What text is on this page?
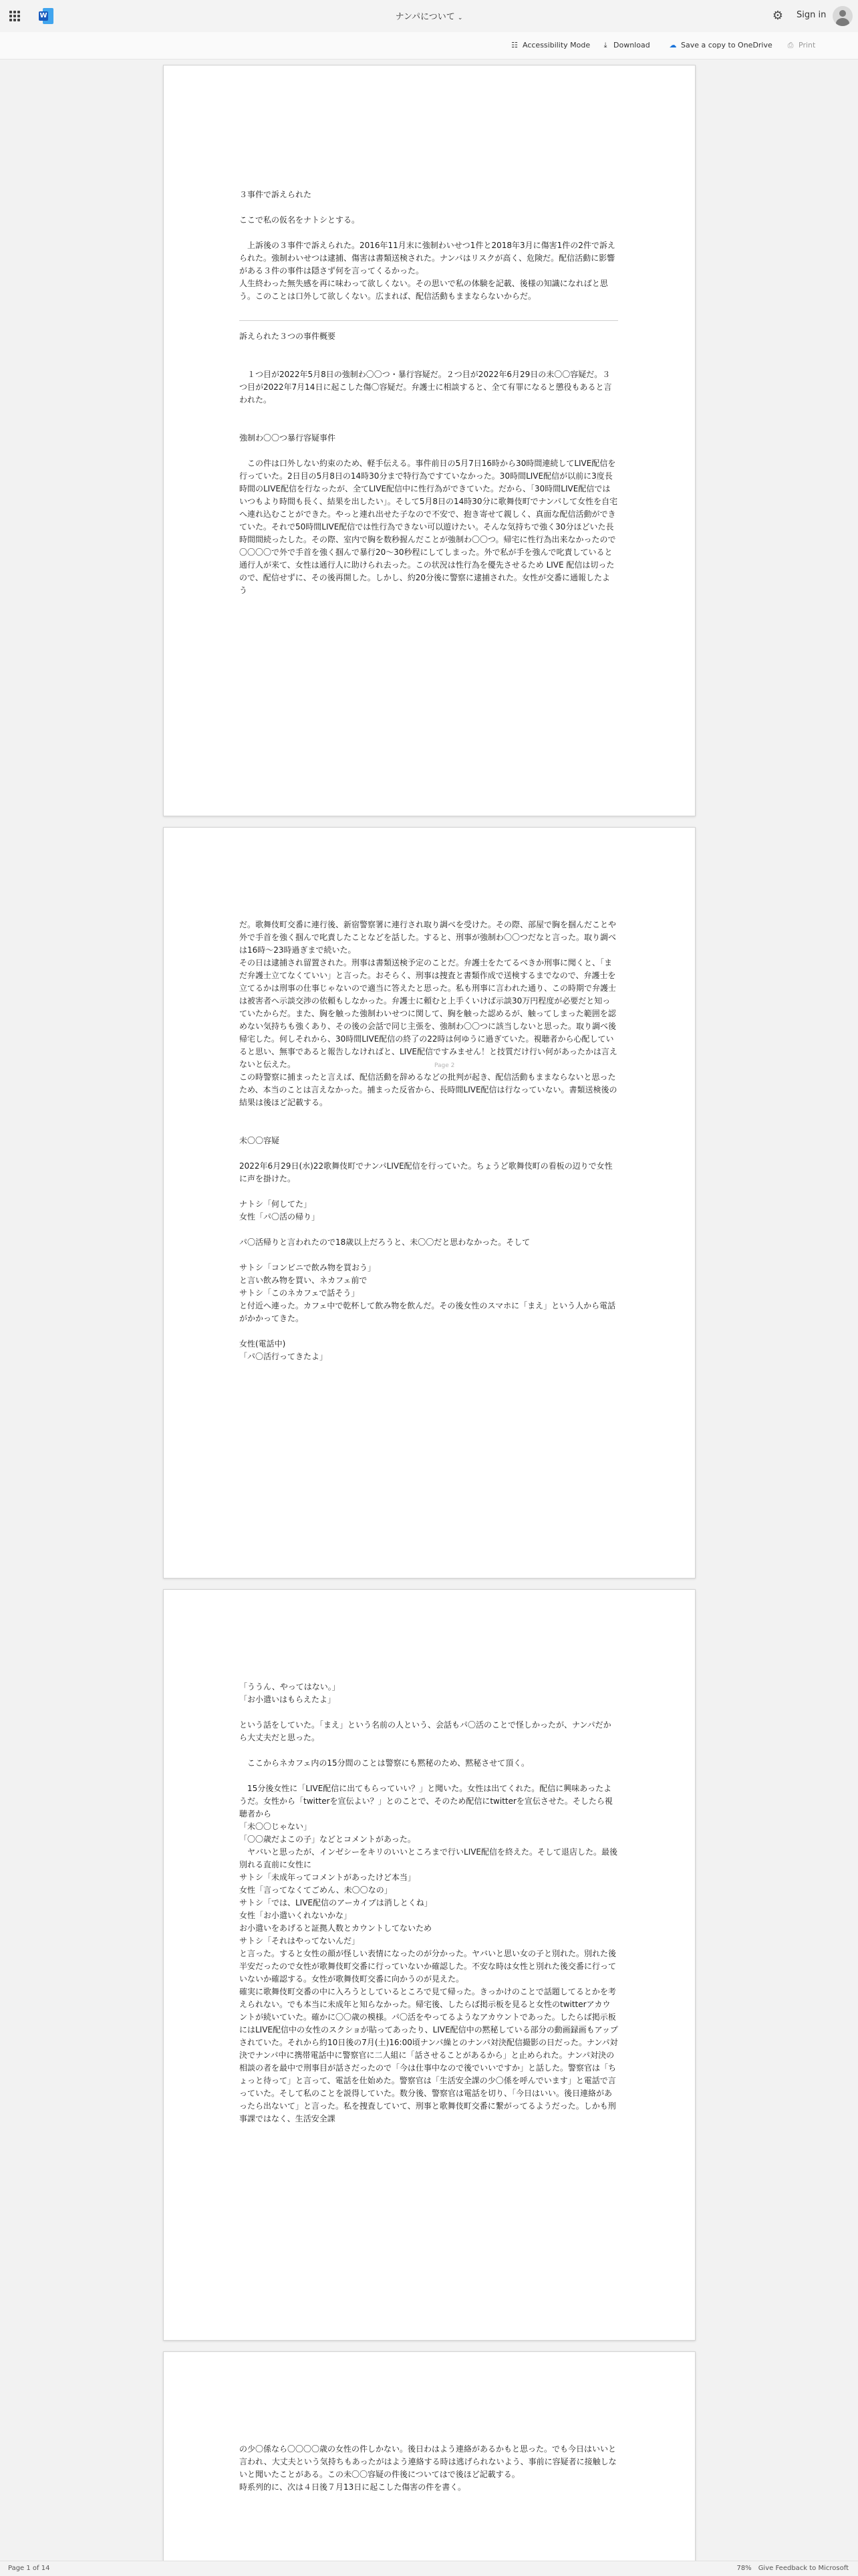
W	ナンパについて ⌄	⚙	Sign in
☷ Accessibility Mode	⤓ Download	☁ Save a copy to OneDrive ⎙ Print

３事件で訴えられた

ここで私の仮名をナトシとする。

　上訴後の３事件で訴えられた。2016年11月末に強制わいせつ1件と2018年3月に傷害1件の2件で訴えられた。強制わいせつは逮捕、傷害は書類送検された。ナンパはリスクが高く、危険だ。配信活動に影響がある３件の事件は隠さず何を言ってくるかった。

人生終わった無失感を再に味わって欲しくない。その思いで私の体験を記載、後様の知識になればと思う。このことは口外して欲しくない。広まれば、配信活動もままならないからだ。

訴えられた３つの事件概要

　１つ目が2022年5月8日の強制わ〇〇つ・暴行容疑だ。２つ目が2022年6月29日の未〇〇容疑だ。３つ目が2022年7月14日に起こした傷〇容疑だ。弁護士に相談すると、全て有罪になると懲役もあると言われた。

強制わ〇〇つ暴行容疑事件

　この件は口外しない約束のため、軽手伝える。事件前日の5月7日16時から30時間連続してLIVE配信を行っていた。2日目の5月8日の14時30分まで特行為ですていなかった。30時間LIVE配信が以前に3度長時間のLIVE配信を行なったが、全てLIVE配信中に性行為ができていた。だから、「30時間LIVE配信ではいつもより時間も長く、結果を出したい」。そして5月8日の14時30分に歌舞伎町でナンパして女性を自宅へ連れ込むことができた。やっと連れ出せた子なので不安で、抱き寄せて親しく、真面な配信活動ができていた。それで50時間LIVE配信では性行為できない可以遊けたい。そんな気持ちで強く30分ほどいた長時間間続ったした。その際、室内で胸を数秒握んだことが強制わ〇〇つ。帰宅に性行為出来なかったので〇〇〇〇で外で手首を強く掴んで暴行20〜30秒程にしてしまった。外で私が手を強んで叱責していると通行人が来て、女性は通行人に助けられ去った。この状況は性行為を優先させるため LIVE 配信は切ったので、配信せずに、その後再開した。しかし、約20分後に警察に逮捕された。女性が交番に通報したよう

だ。歌舞伎町交番に連行後、新宿警察署に連行され取り調べを受けた。その際、部屋で胸を掴んだことや外で手首を強く掴んで叱責したことなどを話した。すると、刑事が強制わ〇〇つだなと言った。取り調べは16時〜23時過ぎまで続いた。

その日は逮捕され留置された。刑事は書類送検予定のことだ。弁護士をたてるべきか刑事に聞くと、「まだ弁護士立てなくていい」と言った。おそらく、刑事は捜査と書類作成で送検するまでなので、弁護士を立てるかは刑事の仕事じゃないので適当に答えたと思った。私も刑事に言われた通り、この時期で弁護士は被害者へ示談交渉の依頼もしなかった。弁護士に頼むと上手くいけば示談30万円程度が必要だと知っていたからだ。また、胸を触った強制わいせつに関して、胸を触った認めるが、触ってしまった範囲を認めない気持ちも強くあり、その後の会話で同じ主張を、強制わ〇〇つに該当しないと思った。取り調べ後帰宅した。何しそれから、30時間LIVE配信の終了の22時は何ゆうに過ぎていた。視聴者から心配していると思い、無事であると報告しなければと、LIVE配信ですみません！と技質だけ行い何があったかは言えないと伝えた。

この時警察に捕まったと言えば、配信活動を辞めるなどの批判が起き、配信活動もままならないと思ったため、本当のことは言えなかった。捕まった反省から、長時間LIVE配信は行なっていない。書類送検後の結果は後ほど記載する。

未〇〇容疑

2022年6月29日(水)22歌舞伎町でナンパLIVE配信を行っていた。ちょうど歌舞伎町の看板の辺りで女性に声を掛けた。

ナトシ「何してた」

女性「パ〇活の帰り」

パ〇活帰りと言われたので18歳以上だろうと、未〇〇だと思わなかった。そして

サトシ「コンビニで飲み物を買おう」

と言い飲み物を買い、ネカフェ前で

サトシ「このネカフェで話そう」

と付近へ連った。カフェ中で乾杯して飲み物を飲んだ。その後女性のスマホに「まえ」という人から電話がかかってきた。

女性(電話中)

「パ〇活行ってきたよ」

Page 2

「ううん、やってはない。」

「お小遣いはもらえたよ」

という話をしていた。「まえ」という名前の人という、会話もパ〇活のことで怪しかったが、ナンパだから大丈夫だと思った。

　ここからネカフェ内の15分間のことは警察にも黙秘のため、黙秘させて頂く。

　15分後女性に「LIVE配信に出てもらっていい？」と聞いた。女性は出てくれた。配信に興味あったようだ。女性から「twitterを宣伝よい？」とのことで、そのため配信にtwitterを宣伝させた。そしたら視聴者から

「未〇〇じゃない」

「〇〇歳だよこの子」などとコメントがあった。

　ヤバいと思ったが、インゼシーをキリのいいところまで行いLIVE配信を終えた。そして退店した。最後別れる直前に女性に

サトシ「未成年ってコメントがあったけど本当」

女性「言ってなくてごめん、未〇〇なの」

サトシ「では、LIVE配信のアーカイブは消しとくね」

女性「お小遣いくれないかな」

お小遣いをあげると証拠人数とカウントしてないため

サトシ「それはやってないんだ」

と言った。すると女性の顔が怪しい表情になったのが分かった。ヤバいと思い女の子と別れた。別れた後半安だったので女性が歌舞伎町交番に行っていないか確認した。不安な時は女性と別れた後交番に行っていないか確認する。女性が歌舞伎町交番に向かうのが見えた。

確実に歌舞伎町交番の中に入ろうとしているところで見て帰った。きっかけのことで話題してるとかを考えられない。でも本当に未成年と知らなかった。帰宅後、したらば掲示板を見ると女性のtwitterアカウントが続いていた。確かに〇〇歳の模様。パ〇活をやってるようなアカウントであった。したらば掲示板にはLIVE配信中の女性のスクショが貼ってあったり、LIVE配信中の黙秘している部分の動画録画もアップされていた。それから約10日後の7月(土)16:00頃ナンパ繰とのナンパ対決配信撮影の日だった。ナンパ対決でナンパ中に携帯電話中に警察官に二人組に「話させることがあるから」と止められた。ナンパ対決の相談の者を最中で刑事目が話さだったので「今は仕事中なので後でいいですか」と話した。警察官は「ちょっと待って」と言って、電話を仕始めた。警察官は「生活安全課の少〇係を呼んでいます」と電話で言っていた。そして私のことを説得していた。数分後、警察官は電話を切り、「今日はいい。後日連絡があったら出ないて」と言った。私を捜査していて、刑事と歌舞伎町交番に繋がってるようだった。しかも刑事課ではなく、生活安全課

の少〇係なら〇〇〇〇歳の女性の件しかない。後日わはよう連絡があるかもと思った。でも今日はいいと言われ、大丈夫という気持ちもあったがはよう連絡する時は逃げられないよう、事前に容疑者に接触しないと聞いたことがある。この未〇〇容疑の件後についてはで後ほど記載する。

時系列的に、次は４日後７月13日に起こした傷害の件を書く。

Page 1 of 14	78% Give Feedback to Microsoft
